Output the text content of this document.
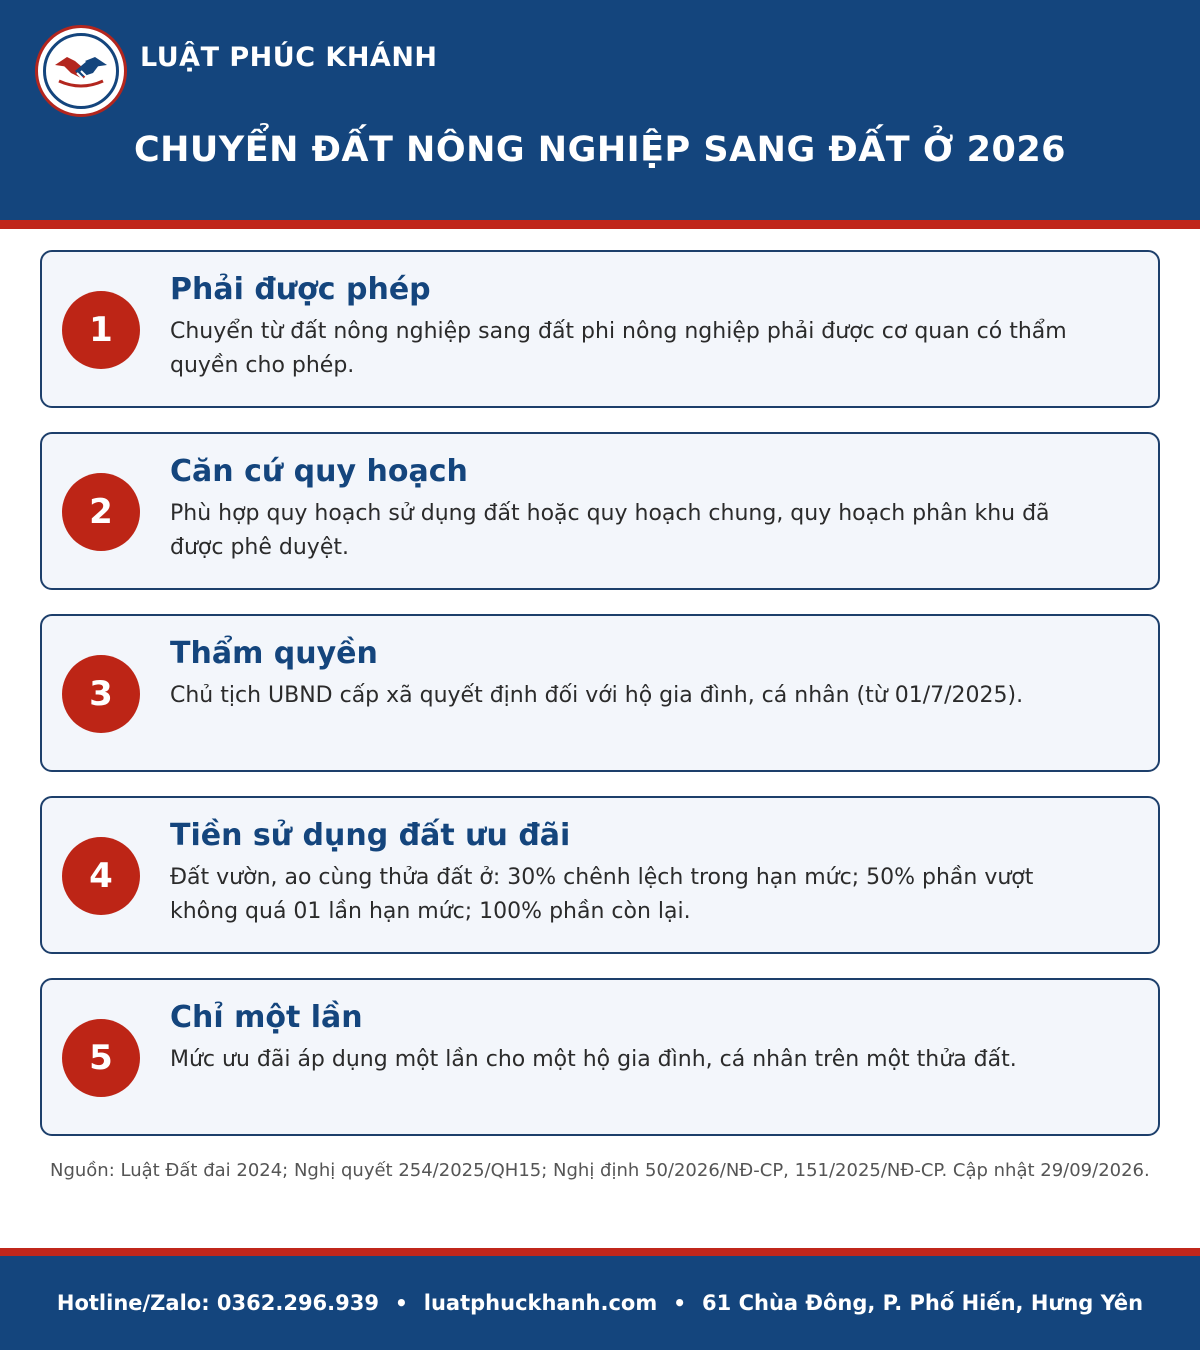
LUẬT PHÚC KHÁNH
CHUYỂN ĐẤT NÔNG NGHIỆP SANG ĐẤT Ở 2026
1
Phải được phép
Chuyển từ đất nông nghiệp sang đất phi nông nghiệp phải được cơ quan có thẩm quyền cho phép.
2
Căn cứ quy hoạch
Phù hợp quy hoạch sử dụng đất hoặc quy hoạch chung, quy hoạch phân khu đã được phê duyệt.
3
Thẩm quyền
Chủ tịch UBND cấp xã quyết định đối với hộ gia đình, cá nhân (từ 01/7/2025).
4
Tiền sử dụng đất ưu đãi
Đất vườn, ao cùng thửa đất ở: 30% chênh lệch trong hạn mức; 50% phần vượt không quá 01 lần hạn mức; 100% phần còn lại.
5
Chỉ một lần
Mức ưu đãi áp dụng một lần cho một hộ gia đình, cá nhân trên một thửa đất.
Nguồn: Luật Đất đai 2024; Nghị quyết 254/2025/QH15; Nghị định 50/2026/NĐ-CP, 151/2025/NĐ-CP. Cập nhật 29/09/2026.
Hotline/Zalo: 0362.296.939 • luatphuckhanh.com • 61 Chùa Đông, P. Phố Hiến, Hưng Yên
